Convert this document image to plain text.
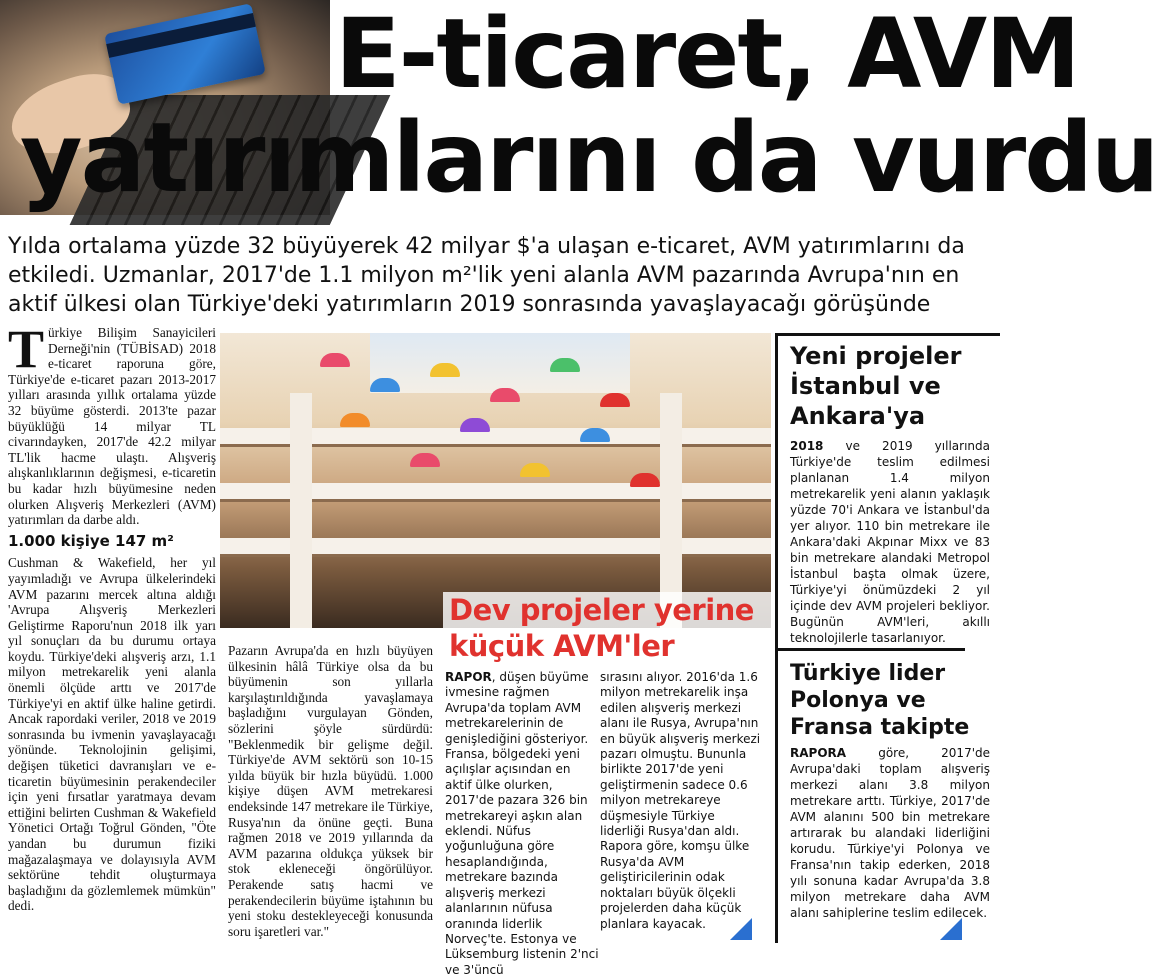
E-ticaret, AVM
yatırımlarını da vurdu
Yılda ortalama yüzde 32 büyüyerek 42 milyar $'a ulaşan e-ticaret, AVM yatırımlarını da etkiledi. Uzmanlar, 2017'de 1.1 milyon m²'lik yeni alanla AVM pazarında Avrupa'nın en aktif ülkesi olan Türkiye'deki yatırımların 2019 sonrasında yavaşlayacağı görüşünde

Türkiye Bilişim Sanayicileri Derneği'nin (TÜBİSAD) 2018 e-ticaret raporuna göre, Türkiye'de e-ticaret pazarı 2013-2017 yılları arasında yıllık ortalama yüzde 32 büyüme gösterdi. 2013'te pazar büyüklüğü 14 milyar TL civarındayken, 2017'de 42.2 milyar TL'lik hacme ulaştı. Alışveriş alışkanlıklarının değişmesi, e-ticaretin bu kadar hızlı büyümesine neden olurken Alışveriş Merkezleri (AVM) yatırımları da darbe aldı.

1.000 kişiye 147 m²

Cushman & Wakefield, her yıl yayımladığı ve Avrupa ülkelerindeki AVM pazarını mercek altına aldığı 'Avrupa Alışveriş Merkezleri Geliştirme Raporu'nun 2018 ilk yarı yıl sonuçları da bu durumu ortaya koydu. Türkiye'deki alışveriş arzı, 1.1 milyon metrekarelik yeni alanla önemli ölçüde arttı ve 2017'de Türkiye'yi en aktif ülke haline getirdi. Ancak rapordaki veriler, 2018 ve 2019 sonrasında bu ivmenin yavaşlayacağı yönünde. Teknolojinin gelişimi, değişen tüketici davranışları ve e-ticaretin büyümesinin perakendeciler için yeni fırsatlar yaratmaya devam ettiğini belirten Cushman & Wakefield Yönetici Ortağı Toğrul Gönden, "Öte yandan bu durumun fiziki mağazalaşmaya ve dolayısıyla AVM sektörüne tehdit oluşturmaya başladığını da gözlemlemek mümkün" dedi.

Dev projeler yerine küçük AVM'ler

Pazarın Avrupa'da en hızlı büyüyen ülkesinin hâlâ Türkiye olsa da bu büyümenin son yıllarla karşılaştırıldığında yavaşlamaya başladığını vurgulayan Gönden, sözlerini şöyle sürdürdü: "Beklenmedik bir gelişme değil. Türkiye'de AVM sektörü son 10-15 yılda büyük bir hızla büyüdü. 1.000 kişiye düşen AVM metrekaresi endeksinde 147 metrekare ile Türkiye, Rusya'nın da önüne geçti. Buna rağmen 2018 ve 2019 yıllarında da AVM pazarına oldukça yüksek bir stok ekleneceği öngörülüyor. Perakende satış hacmi ve perakendecilerin büyüme iştahının bu yeni stoku destekleyeceği konusunda soru işaretleri var."

RAPOR, düşen büyüme ivmesine rağmen Avrupa'da toplam AVM metrekarelerinin de genişlediğini gösteriyor. Fransa, bölgedeki yeni açılışlar açısından en aktif ülke olurken, 2017'de pazara 326 bin metrekareyi aşkın alan eklendi. Nüfus yoğunluğuna göre hesaplandığında, metrekare bazında alışveriş merkezi alanlarının nüfusa oranında liderlik Norveç'te. Estonya ve Lüksemburg listenin 2'nci ve 3'üncü
sırasını alıyor. 2016'da 1.6 milyon metrekarelik inşa edilen alışveriş merkezi alanı ile Rusya, Avrupa'nın en büyük alışveriş merkezi pazarı olmuştu. Bununla birlikte 2017'de yeni geliştirmenin sadece 0.6 milyon metrekareye düşmesiyle Türkiye liderliği Rusya'dan aldı. Rapora göre, komşu ülke Rusya'da AVM geliştiricilerinin odak noktaları büyük ölçekli projelerden daha küçük planlara kayacak.
Yeni projeler İstanbul ve Ankara'ya
2018 ve 2019 yıllarında Türkiye'de teslim edilmesi planlanan 1.4 milyon metrekarelik yeni alanın yaklaşık yüzde 70'i Ankara ve İstanbul'da yer alıyor. 110 bin metrekare ile Ankara'daki Akpınar Mixx ve 83 bin metrekare alandaki Metropol İstanbul başta olmak üzere, Türkiye'yi önümüzdeki 2 yıl içinde dev AVM projeleri bekliyor. Bugünün AVM'leri, akıllı teknolojilerle tasarlanıyor.
Türkiye lider Polonya ve Fransa takipte
RAPORA göre, 2017'de Avrupa'daki toplam alışveriş merkezi alanı 3.8 milyon metrekare arttı. Türkiye, 2017'de AVM alanını 500 bin metrekare artırarak bu alandaki liderliğini korudu. Türkiye'yi Polonya ve Fransa'nın takip ederken, 2018 yılı sonuna kadar Avrupa'da 3.8 milyon metrekare daha AVM alanı sahiplerine teslim edilecek.
